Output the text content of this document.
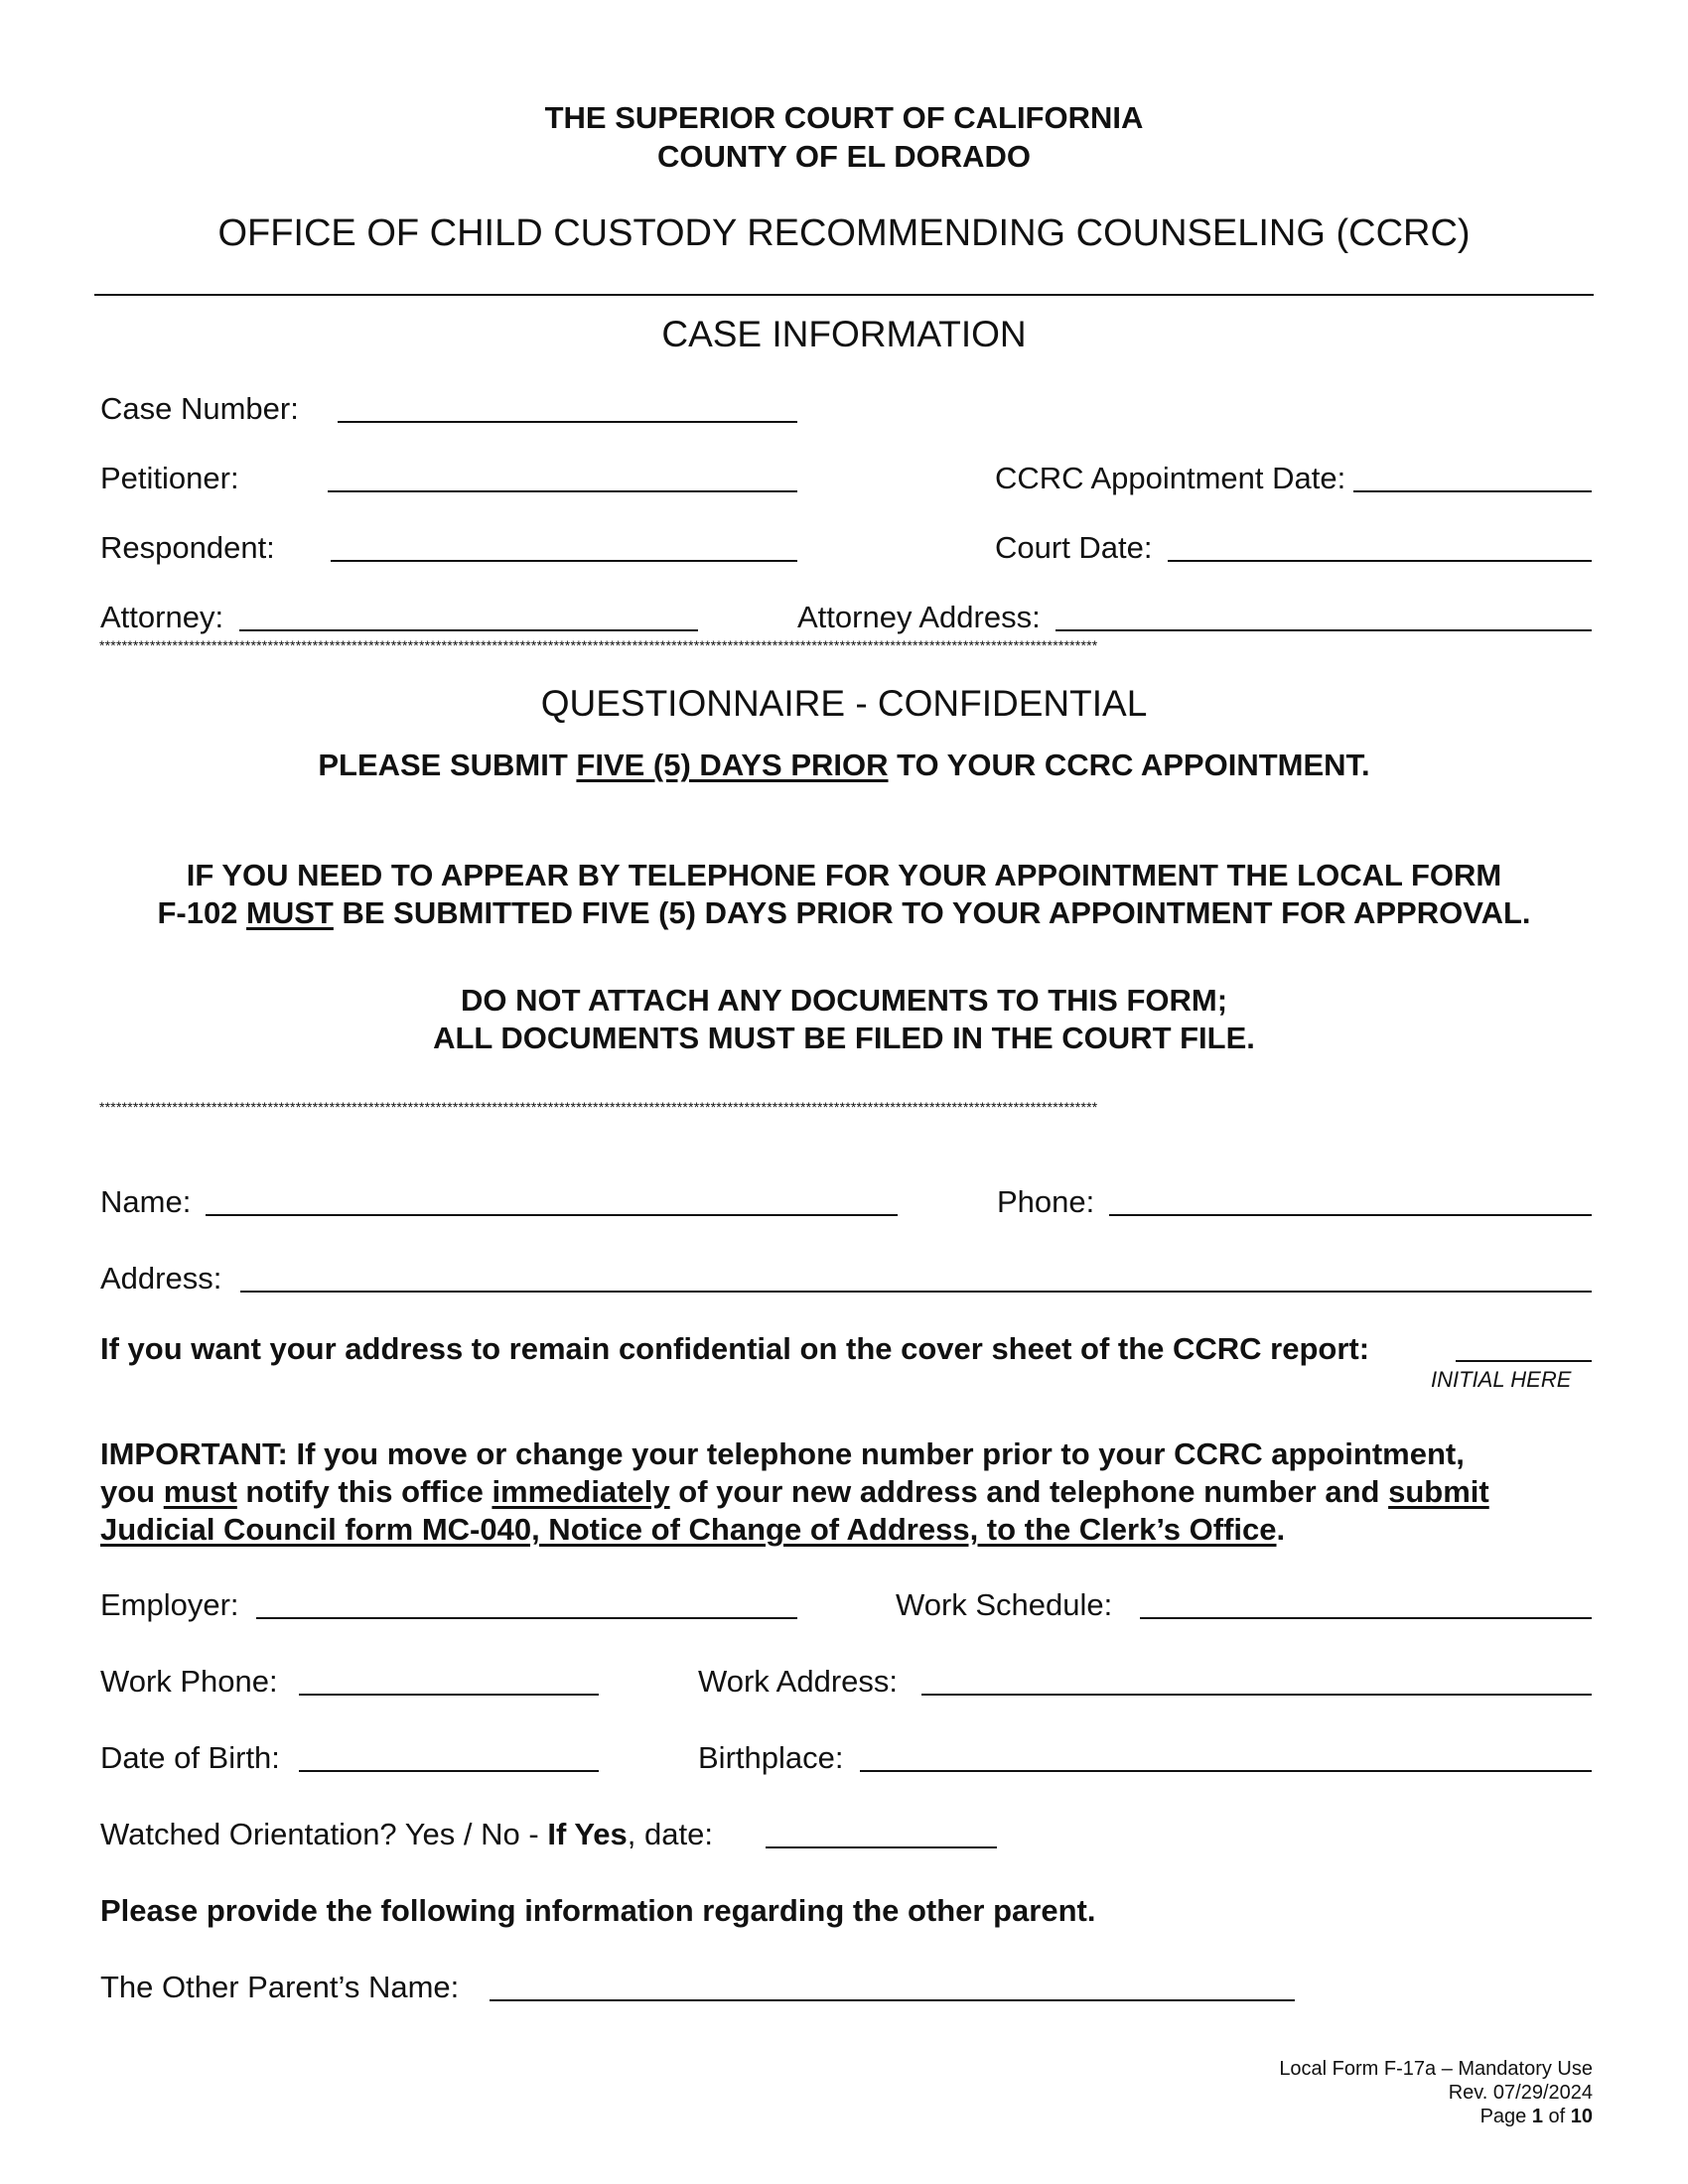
THE SUPERIOR COURT OF CALIFORNIA
COUNTY OF EL DORADO
OFFICE OF CHILD CUSTODY RECOMMENDING COUNSELING (CCRC)
CASE INFORMATION
Case Number:
Petitioner:	CCRC Appointment Date:
Respondent:	Court Date:
Attorney:	Attorney Address:
**********************************************************************************************************************************************************************************
QUESTIONNAIRE - CONFIDENTIAL
PLEASE SUBMIT FIVE (5) DAYS PRIOR TO YOUR CCRC APPOINTMENT.
IF YOU NEED TO APPEAR BY TELEPHONE FOR YOUR APPOINTMENT THE LOCAL FORM
F-102 MUST BE SUBMITTED FIVE (5) DAYS PRIOR TO YOUR APPOINTMENT FOR APPROVAL.
DO NOT ATTACH ANY DOCUMENTS TO THIS FORM;
ALL DOCUMENTS MUST BE FILED IN THE COURT FILE.
**********************************************************************************************************************************************************************************
Name:	Phone:
Address:
If you want your address to remain confidential on the cover sheet of the CCRC report:
INITIAL HERE
IMPORTANT: If you move or change your telephone number prior to your CCRC appointment,
you must notify this office immediately of your new address and telephone number and submit
Judicial Council form MC-040, Notice of Change of Address, to the Clerk’s Office.
Employer:	Work Schedule:
Work Phone:	Work Address:
Date of Birth:	Birthplace:
Watched Orientation? Yes / No - If Yes, date:
Please provide the following information regarding the other parent.
The Other Parent’s Name:
Local Form F-17a – Mandatory Use
Rev. 07/29/2024
Page 1 of 10
